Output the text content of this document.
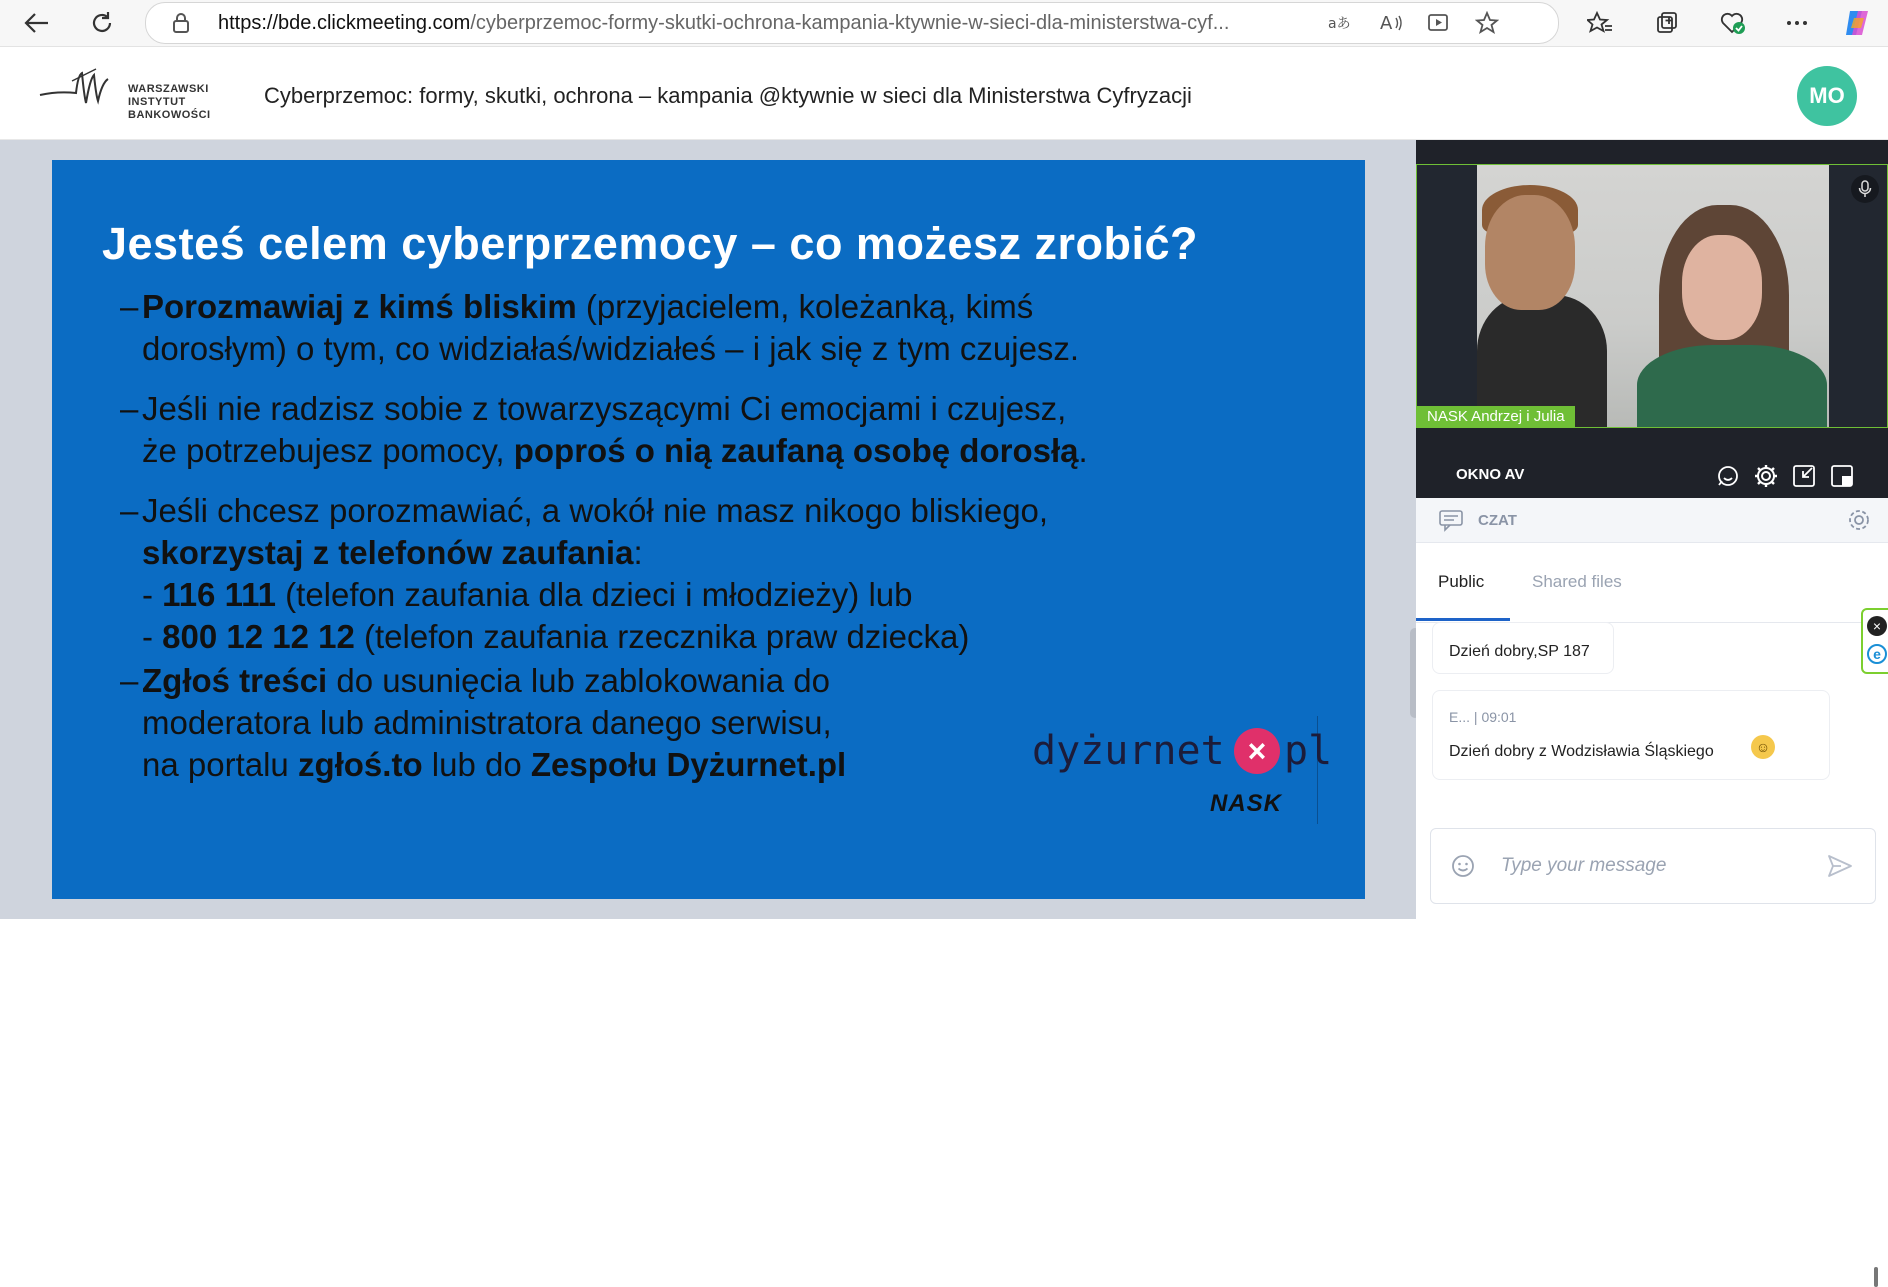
https://bde.clickmeeting.com/cyberprzemoc-formy-skutki-ochrona-kampania-ktywnie-w-sieci-dla-ministerstwa-cyf...	aあ A
WARSZAWSKI
INSTYTUT
BANKOWOŚCI
Cyberprzemoc: formy, skutki, ochrona – kampania @ktywnie w sieci dla Ministerstwa Cyfryzacji	MO
Jesteś celem cyberprzemocy – co możesz zrobić?
– Porozmawiaj z kimś bliskim (przyjacielem, koleżanką, kimś
dorosłym) o tym, co widziałaś/widziałeś – i jak się z tym czujesz.
– Jeśli nie radzisz sobie z towarzyszącymi Ci emocjami i czujesz,
że potrzebujesz pomocy, poproś o nią zaufaną osobę dorosłą.
– Jeśli chcesz porozmawiać, a wokół nie masz nikogo bliskiego,
skorzystaj z telefonów zaufania:
- 116 111 (telefon zaufania dla dzieci i młodzieży) lub
- 800 12 12 12 (telefon zaufania rzecznika praw dziecka)
– Zgłoś treści do usunięcia lub zablokowania do
moderatora lub administratora danego serwisu,
na portalu zgłoś.to lub do Zespołu Dyżurnet.pl	dyżurnet × pl
NASK
NASK Andrzej i Julia
OKNO AV
CZAT
Public	Shared files
Dzień dobry,SP 187
E... | 09:01
Dzień dobry z Wodzisławia Śląskiego	☺
Type your message
×
e
